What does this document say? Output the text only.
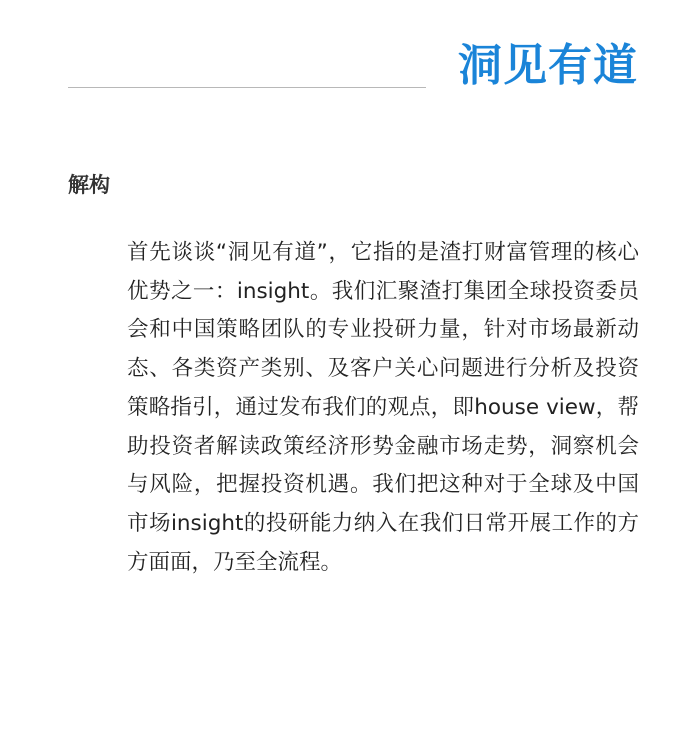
洞见有道
解构

首先谈谈“洞见有道”，它指的是渣打财富管理的核心优势之一：insight。我们汇聚渣打集团全球投资委员会和中国策略团队的专业投研力量，针对市场最新动态、各类资产类别、及客户关心问题进行分析及投资策略指引，通过发布我们的观点，即house view，帮助投资者解读政策经济形势金融市场走势，洞察机会与风险，把握投资机遇。我们把这种对于全球及中国市场insight的投研能力纳入在我们日常开展工作的方方面面，乃至全流程。
